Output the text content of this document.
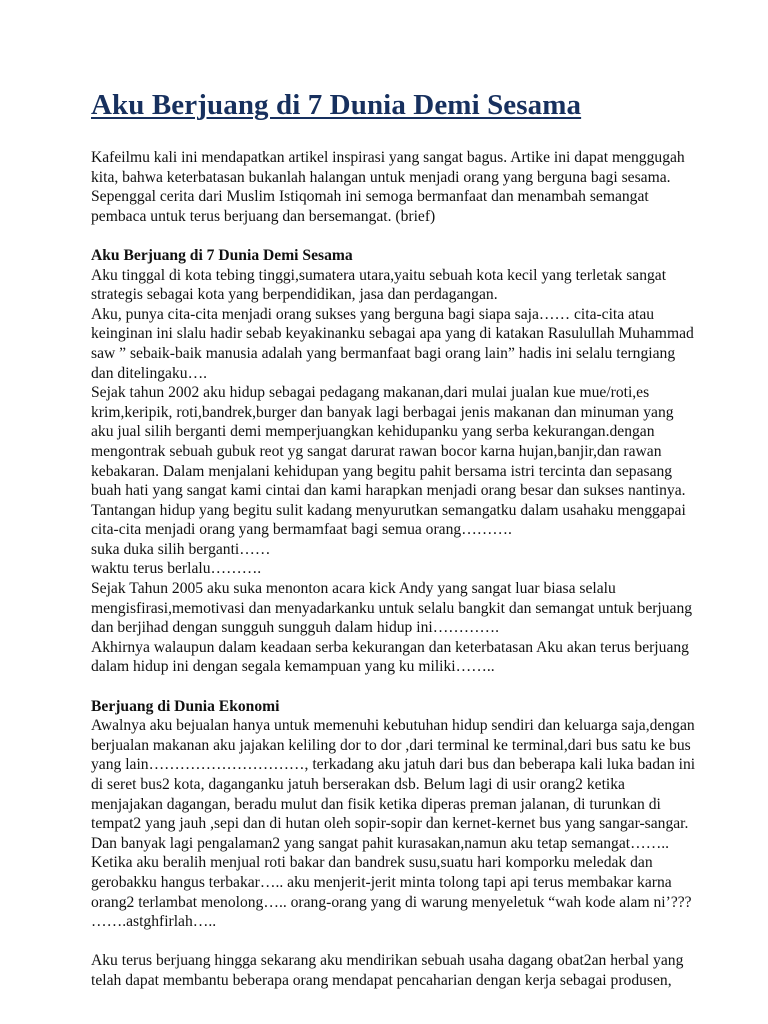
Aku Berjuang di 7 Dunia Demi Sesama

Kafeilmu kali ini mendapatkan artikel inspirasi yang sangat bagus. Artike ini dapat menggugah
kita, bahwa keterbatasan bukanlah halangan untuk menjadi orang yang berguna bagi sesama.
Sepenggal cerita dari Muslim Istiqomah ini semoga bermanfaat dan menambah semangat
pembaca untuk terus berjuang dan bersemangat. (brief)

Aku Berjuang di 7 Dunia Demi Sesama

Aku tinggal di kota tebing tinggi,sumatera utara,yaitu sebuah kota kecil yang terletak sangat
strategis sebagai kota yang berpendidikan, jasa dan perdagangan.
Aku, punya cita-cita menjadi orang sukses yang berguna bagi siapa saja…… cita-cita atau
keinginan ini slalu hadir sebab keyakinanku sebagai apa yang di katakan Rasulullah Muhammad
saw ” sebaik-baik manusia adalah yang bermanfaat bagi orang lain” hadis ini selalu terngiang
dan ditelingaku….
Sejak tahun 2002 aku hidup sebagai pedagang makanan,dari mulai jualan kue mue/roti,es
krim,keripik, roti,bandrek,burger dan banyak lagi berbagai jenis makanan dan minuman yang
aku jual silih berganti demi memperjuangkan kehidupanku yang serba kekurangan.dengan
mengontrak sebuah gubuk reot yg sangat darurat rawan bocor karna hujan,banjir,dan rawan
kebakaran. Dalam menjalani kehidupan yang begitu pahit bersama istri tercinta dan sepasang
buah hati yang sangat kami cintai dan kami harapkan menjadi orang besar dan sukses nantinya.
Tantangan hidup yang begitu sulit kadang menyurutkan semangatku dalam usahaku menggapai
cita-cita menjadi orang yang bermamfaat bagi semua orang……….
suka duka silih berganti……
waktu terus berlalu……….
Sejak Tahun 2005 aku suka menonton acara kick Andy yang sangat luar biasa selalu
mengisfirasi,memotivasi dan menyadarkanku untuk selalu bangkit dan semangat untuk berjuang
dan berjihad dengan sungguh sungguh dalam hidup ini………….
Akhirnya walaupun dalam keadaan serba kekurangan dan keterbatasan Aku akan terus berjuang
dalam hidup ini dengan segala kemampuan yang ku miliki……..

Berjuang di Dunia Ekonomi

Awalnya aku bejualan hanya untuk memenuhi kebutuhan hidup sendiri dan keluarga saja,dengan
berjualan makanan aku jajakan keliling dor to dor ,dari terminal ke terminal,dari bus satu ke bus
yang lain…………………………, terkadang aku jatuh dari bus dan beberapa kali luka badan ini
di seret bus2 kota, daganganku jatuh berserakan dsb. Belum lagi di usir orang2 ketika
menjajakan dagangan, beradu mulut dan fisik ketika diperas preman jalanan, di turunkan di
tempat2 yang jauh ,sepi dan di hutan oleh sopir-sopir dan kernet-kernet bus yang sangar-sangar.
Dan banyak lagi pengalaman2 yang sangat pahit kurasakan,namun aku tetap semangat……..
Ketika aku beralih menjual roti bakar dan bandrek susu,suatu hari komporku meledak dan
gerobakku hangus terbakar….. aku menjerit-jerit minta tolong tapi api terus membakar karna
orang2 terlambat menolong….. orang-orang yang di warung menyeletuk “wah kode alam ni’???
…….astghfirlah…..

Aku terus berjuang hingga sekarang aku mendirikan sebuah usaha dagang obat2an herbal yang
telah dapat membantu beberapa orang mendapat pencaharian dengan kerja sebagai produsen,
